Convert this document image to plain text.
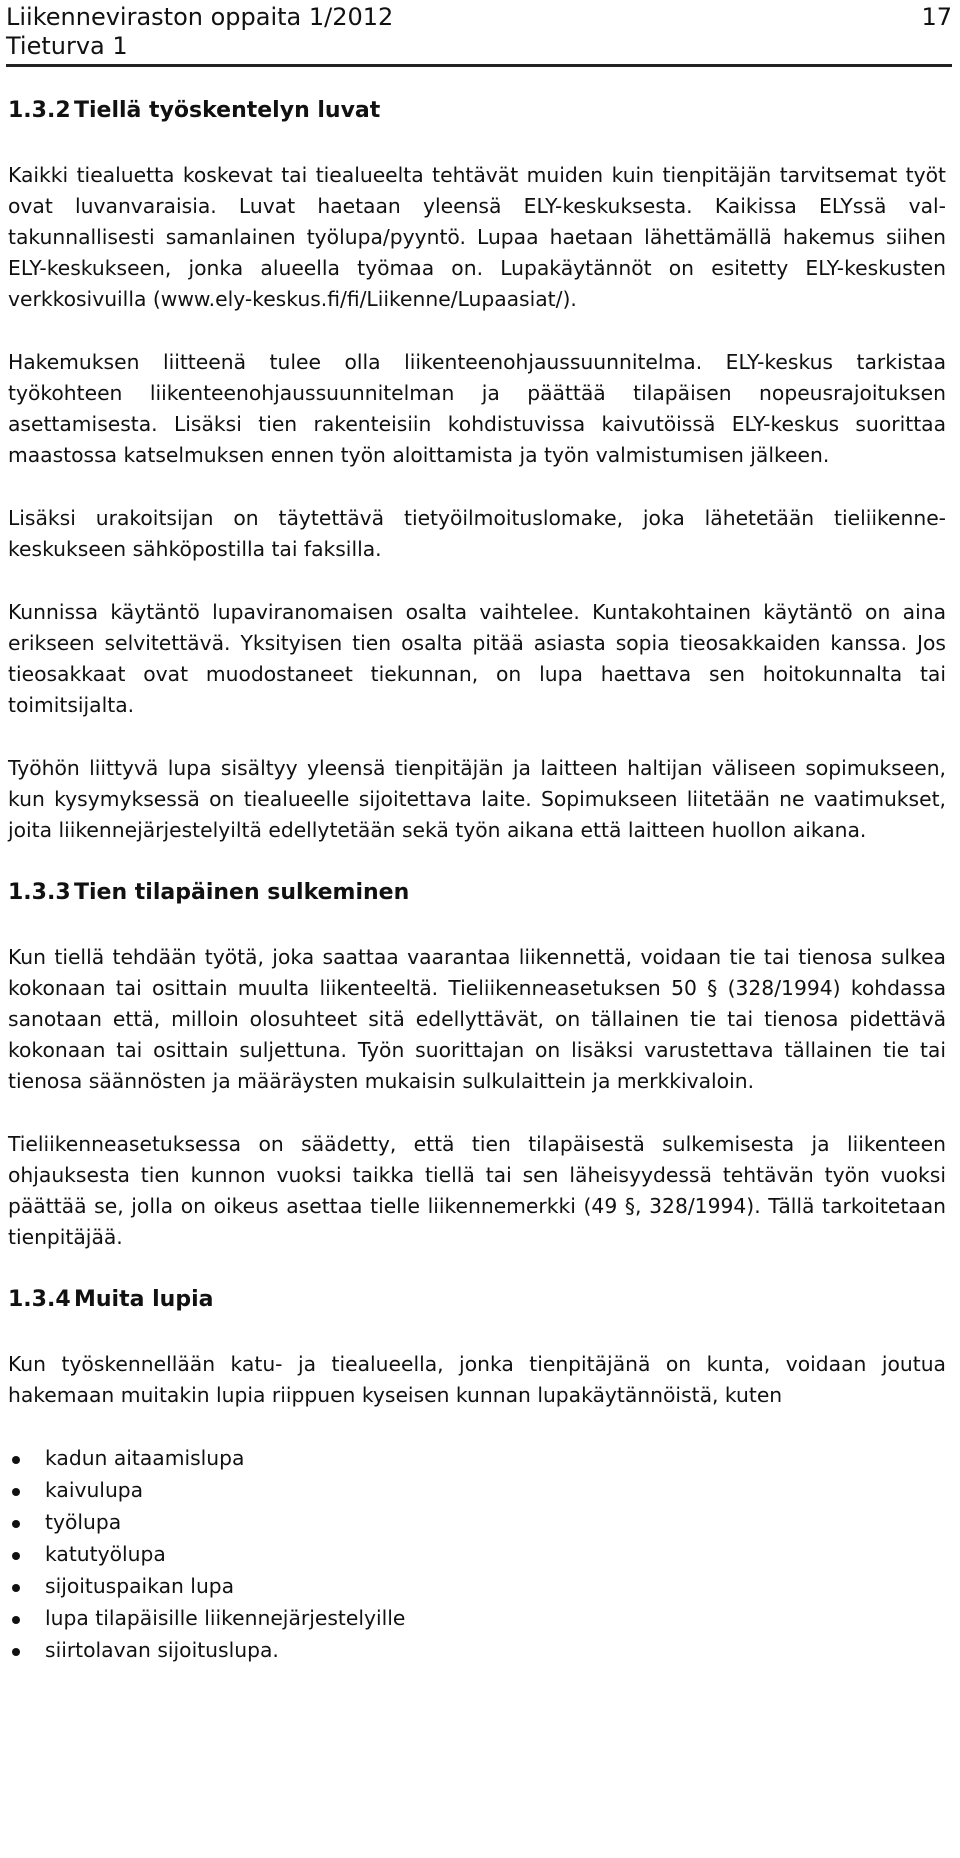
Liikenneviraston oppaita 1/2012
Tieturva 1
17
1.3.2 Tiellä työskentelyn luvat

Kaikki tiealuetta koskevat tai tiealueelta tehtävät muiden kuin tienpitäjän tarvitsemat työt ovat luvanvaraisia. Luvat haetaan yleensä ELY-keskuksesta. Kaikissa ELYssä valtakunnallisesti samanlainen työlupa/pyyntö. Lupaa haetaan lähettämällä hakemus siihen ELY-keskukseen, jonka alueella työmaa on. Lupakäytännöt on esitetty ELY-keskusten verkkosivuilla (www.ely-keskus.fi/fi/Liikenne/Lupaasiat/).

Hakemuksen liitteenä tulee olla liikenteenohjaussuunnitelma. ELY-keskus tarkistaa työkohteen liikenteenohjaussuunnitelman ja päättää tilapäisen nopeusrajoituksen asettamisesta. Lisäksi tien rakenteisiin kohdistuvissa kaivutöissä ELY-keskus suorittaa maastossa katselmuksen ennen työn aloittamista ja työn valmistumisen jälkeen.

Lisäksi urakoitsijan on täytettävä tietyöilmoituslomake, joka lähetetään tieliikennekeskukseen sähköpostilla tai faksilla.

Kunnissa käytäntö lupaviranomaisen osalta vaihtelee. Kuntakohtainen käytäntö on aina erikseen selvitettävä. Yksityisen tien osalta pitää asiasta sopia tieosakkaiden kanssa. Jos tieosakkaat ovat muodostaneet tiekunnan, on lupa haettava sen hoitokunnalta tai toimitsijalta.

Työhön liittyvä lupa sisältyy yleensä tienpitäjän ja laitteen haltijan väliseen sopimukseen, kun kysymyksessä on tiealueelle sijoitettava laite. Sopimukseen liitetään ne vaatimukset, joita liikennejärjestelyiltä edellytetään sekä työn aikana että laitteen huollon aikana.

1.3.3 Tien tilapäinen sulkeminen

Kun tiellä tehdään työtä, joka saattaa vaarantaa liikennettä, voidaan tie tai tienosa sulkea kokonaan tai osittain muulta liikenteeltä. Tieliikenneasetuksen 50 § (328/1994) kohdassa sanotaan että, milloin olosuhteet sitä edellyttävät, on tällainen tie tai tienosa pidettävä kokonaan tai osittain suljettuna. Työn suorittajan on lisäksi varustettava tällainen tie tai tienosa säännösten ja määräysten mukaisin sulkulaittein ja merkkivaloin.

Tieliikenneasetuksessa on säädetty, että tien tilapäisestä sulkemisesta ja liikenteen ohjauksesta tien kunnon vuoksi taikka tiellä tai sen läheisyydessä tehtävän työn vuoksi päättää se, jolla on oikeus asettaa tielle liikennemerkki (49 §, 328/1994). Tällä tarkoitetaan tienpitäjää.

1.3.4 Muita lupia

Kun työskennellään katu- ja tiealueella, jonka tienpitäjänä on kunta, voidaan joutua hakemaan muitakin lupia riippuen kyseisen kunnan lupakäytännöistä, kuten

kadun aitaamislupa
kaivulupa
työlupa
katutyölupa
sijoituspaikan lupa
lupa tilapäisille liikennejärjestelyille
siirtolavan sijoituslupa.
